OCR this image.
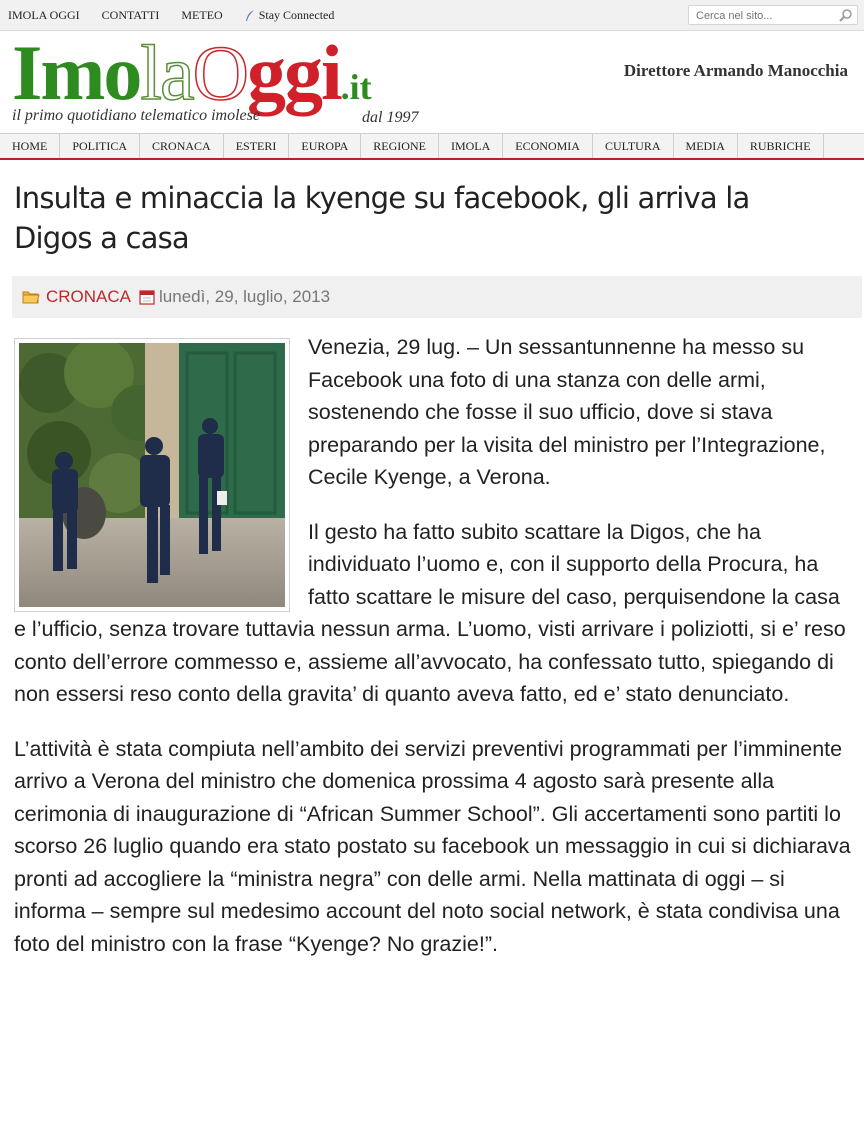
IMOLA OGGI CONTATTI METEO	Stay Connected
Cerca nel sito...
ImolaOggi.it
il primo quotidiano telematico imolese	dal 1997
Direttore Armando Manocchia
HOME	POLITICA	CRONACA	ESTERI	EUROPA	REGIONE	IMOLA	ECONOMIA	CULTURA	MEDIA	RUBRICHE
Insulta e minaccia la kyenge su facebook, gli arriva la Digos a casa
CRONACA lunedì, 29, luglio, 2013

Venezia, 29 lug. – Un sessantunnenne ha messo su Facebook una foto di una stanza con delle armi, sostenendo che fosse il suo ufficio, dove si stava preparando per la visita del ministro per l’Integrazione, Cecile Kyenge, a Verona.

Il gesto ha fatto subito scattare la Digos, che ha individuato l’uomo e, con il supporto della Procura, ha fatto scattare le misure del caso, perquisendone la casa e l’ufficio, senza trovare tuttavia nessun arma. L’uomo, visti arrivare i poliziotti, si e’ reso conto dell’errore commesso e, assieme all’avvocato, ha confessato tutto, spiegando di non essersi reso conto della gravita’ di quanto aveva fatto, ed e’ stato denunciato.

L’attività è stata compiuta nell’ambito dei servizi preventivi programmati per l’imminente arrivo a Verona del ministro che domenica prossima 4 agosto sarà presente alla cerimonia di inaugurazione di “African Summer School”. Gli accertamenti sono partiti lo scorso 26 luglio quando era stato postato su facebook un messaggio in cui si dichiarava pronti ad accogliere la “ministra negra” con delle armi. Nella mattinata di oggi – si informa – sempre sul medesimo account del noto social network, è stata condivisa una foto del ministro con la frase “Kyenge? No grazie!”.
